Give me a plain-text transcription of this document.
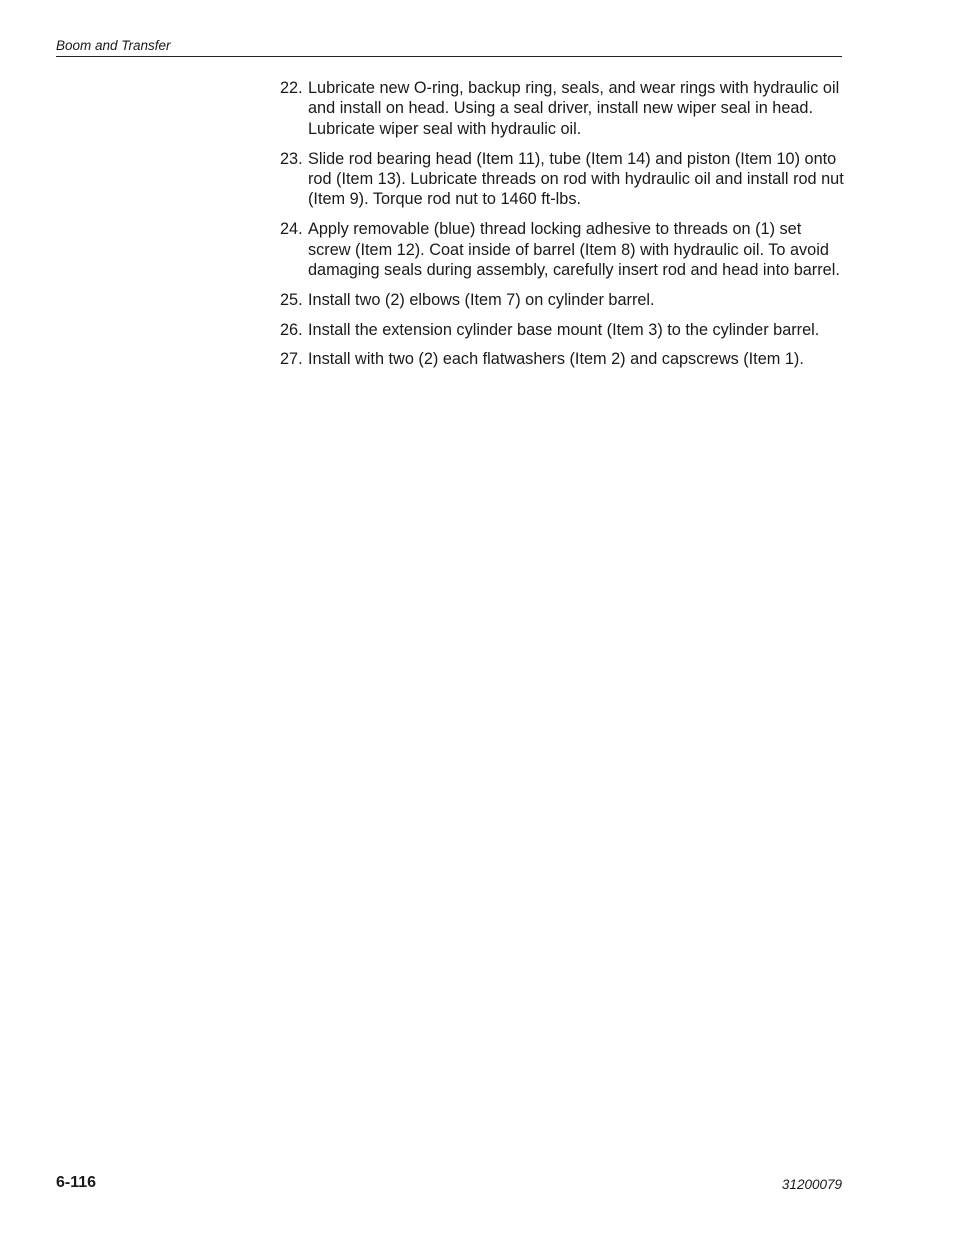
Boom and Transfer
22. Lubricate new O-ring, backup ring, seals, and wear rings with hydraulic oil and install on head. Using a seal driver, install new wiper seal in head. Lubricate wiper seal with hydraulic oil.
23. Slide rod bearing head (Item 11), tube (Item 14) and piston (Item 10) onto rod (Item 13). Lubricate threads on rod with hydraulic oil and install rod nut (Item 9). Torque rod nut to 1460 ft-lbs.
24. Apply removable (blue) thread locking adhesive to threads on (1) set screw (Item 12). Coat inside of barrel (Item 8) with hydraulic oil. To avoid damaging seals during assembly, carefully insert rod and head into barrel.
25. Install two (2) elbows (Item 7) on cylinder barrel.
26. Install the extension cylinder base mount (Item 3) to the cylinder barrel.
27. Install with two (2) each flatwashers (Item 2) and capscrews (Item 1).
6-116	31200079
